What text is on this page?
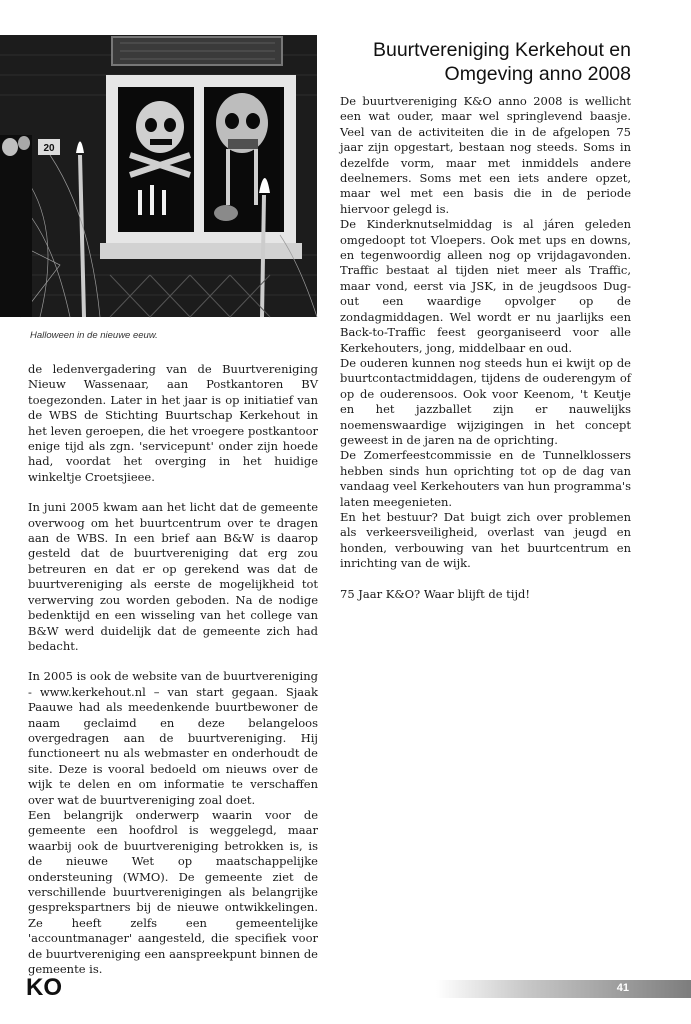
20
Halloween in de nieuwe eeuw.
Buurtvereniging Kerkehout en
Omgeving anno 2008

De buurtvereniging K&O anno 2008 is wellicht een wat ouder, maar wel springlevend baasje. Veel van de activiteiten die in de afgelopen 75 jaar zijn opgestart, bestaan nog steeds. Soms in dezelfde vorm, maar met inmiddels andere deelnemers. Soms met een iets andere opzet, maar wel met een basis die in de periode hiervoor gelegd is.

De Kinderknutselmiddag is al járen geleden omgedoopt tot Vloepers. Ook met ups en downs, en tegenwoordig alleen nog op vrijdagavonden. Traffic bestaat al tijden niet meer als Traffic, maar vond, eerst via JSK, in de jeugdsoos Dug-out een waardige opvolger op de zondagmiddagen. Wel wordt er nu jaarlijks een Back-to-Traffic feest georganiseerd voor alle Kerkehouters, jong, middelbaar en oud.

De ouderen kunnen nog steeds hun ei kwijt op de buurtcontactmiddagen, tijdens de ouderengym of op de ouderensoos. Ook voor Keenom, 't Keutje en het jazzballet zijn er nauwelijks noemenswaardige wijzigingen in het concept geweest in de jaren na de oprichting.

De Zomerfeestcommissie en de Tunnelklossers hebben sinds hun oprichting tot op de dag van vandaag veel Kerkehouters van hun programma's laten meegenieten.

En het bestuur? Dat buigt zich over problemen als verkeersveiligheid, overlast van jeugd en honden, verbouwing van het buurtcentrum en inrichting van de wijk.

75 Jaar K&O? Waar blijft de tijd!

de ledenvergadering van de Buurtvereniging Nieuw Wassenaar, aan Postkantoren BV toegezonden. Later in het jaar is op initiatief van de WBS de Stichting Buurtschap Kerkehout in het leven geroepen, die het vroegere postkantoor enige tijd als zgn. 'servicepunt' onder zijn hoede had, voordat het overging in het huidige winkeltje Croetsjieee.

In juni 2005 kwam aan het licht dat de gemeente overwoog om het buurtcentrum over te dragen aan de WBS. In een brief aan B&W is daarop gesteld dat de buurtvereniging dat erg zou betreuren en dat er op gerekend was dat de buurtvereniging als eerste de mogelijkheid tot verwerving zou worden geboden. Na de nodige bedenktijd en een wisseling van het college van B&W werd duidelijk dat de gemeente zich had bedacht.

In 2005 is ook de website van de buurtvereniging - www.kerkehout.nl – van start gegaan. Sjaak Paauwe had als meedenkende buurtbewoner de naam geclaimd en deze belangeloos overgedragen aan de buurtvereniging. Hij functioneert nu als webmaster en onderhoudt de site. Deze is vooral bedoeld om nieuws over de wijk te delen en om informatie te verschaffen over wat de buurtvereniging zoal doet.

Een belangrijk onderwerp waarin voor de gemeente een hoofdrol is weggelegd, maar waarbij ook de buurtvereniging betrokken is, is de nieuwe Wet op maatschappelijke ondersteuning (WMO). De gemeente ziet de verschillende buurtverenigingen als belangrijke gesprekspartners bij de nieuwe ontwikkelingen. Ze heeft zelfs een gemeentelijke 'accountmanager' aangesteld, die specifiek voor de buurtvereniging een aanspreekpunt binnen de gemeente is.

KO	41
